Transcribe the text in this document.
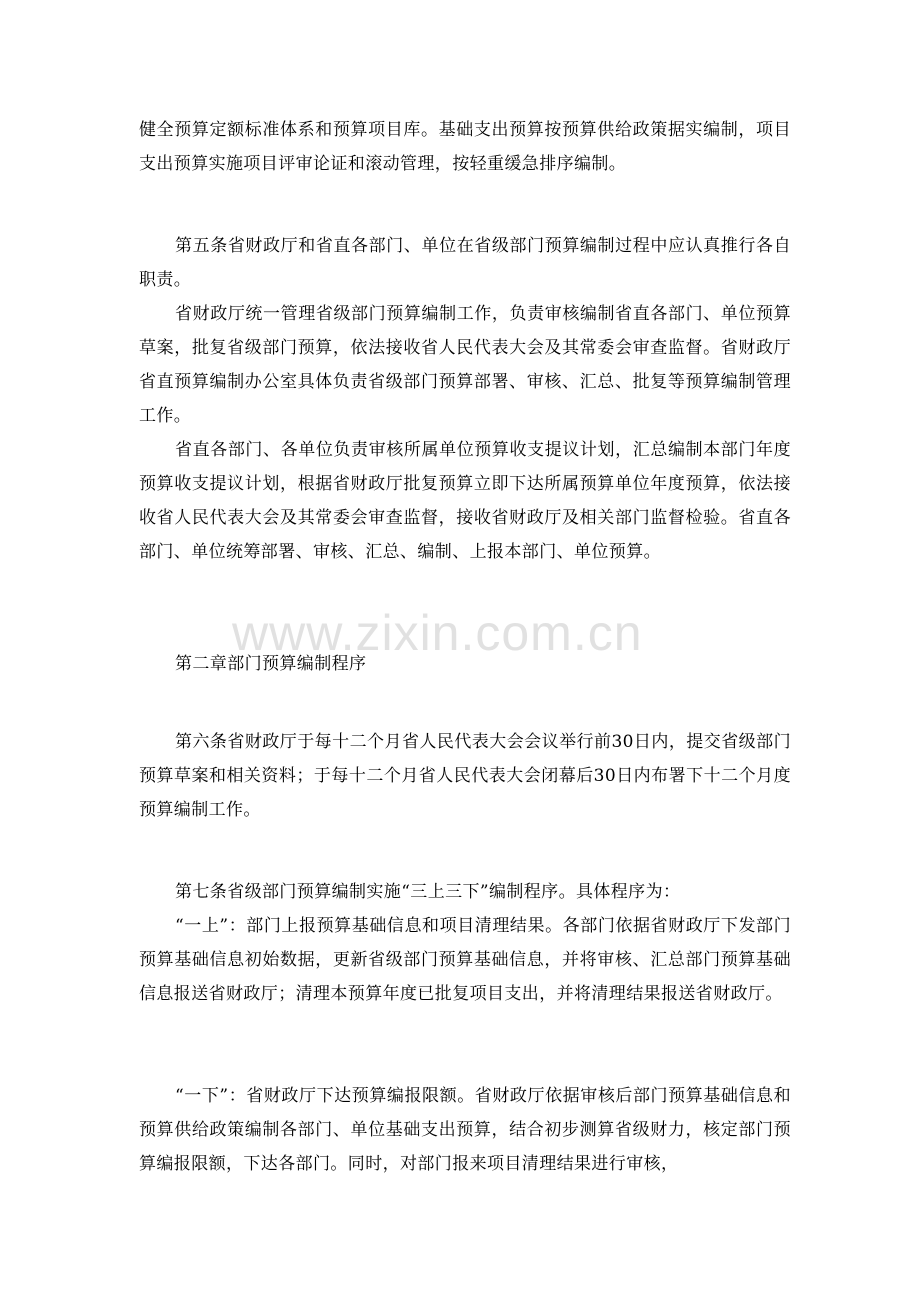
健全预算定额标准体系和预算项目库。基础支出预算按预算供给政策据实编制，项目支出预算实施项目评审论证和滚动管理，按轻重缓急排序编制。

第五条省财政厅和省直各部门、单位在省级部门预算编制过程中应认真推行各自职责。

省财政厅统一管理省级部门预算编制工作，负责审核编制省直各部门、单位预算草案，批复省级部门预算，依法接收省人民代表大会及其常委会审查监督。省财政厅省直预算编制办公室具体负责省级部门预算部署、审核、汇总、批复等预算编制管理工作。

省直各部门、各单位负责审核所属单位预算收支提议计划，汇总编制本部门年度预算收支提议计划，根据省财政厅批复预算立即下达所属预算单位年度预算，依法接收省人民代表大会及其常委会审查监督，接收省财政厅及相关部门监督检验。省直各部门、单位统筹部署、审核、汇总、编制、上报本部门、单位预算。

www.zixin.com.cn

第二章部门预算编制程序

第六条省财政厅于每十二个月省人民代表大会会议举行前30日内，提交省级部门预算草案和相关资料；于每十二个月省人民代表大会闭幕后30日内布署下十二个月度预算编制工作。

第七条省级部门预算编制实施“三上三下”编制程序。具体程序为：

“一上”：部门上报预算基础信息和项目清理结果。各部门依据省财政厅下发部门预算基础信息初始数据，更新省级部门预算基础信息，并将审核、汇总部门预算基础信息报送省财政厅；清理本预算年度已批复项目支出，并将清理结果报送省财政厅。

“一下”：省财政厅下达预算编报限额。省财政厅依据审核后部门预算基础信息和预算供给政策编制各部门、单位基础支出预算，结合初步测算省级财力，核定部门预算编报限额，下达各部门。同时，对部门报来项目清理结果进行审核，
